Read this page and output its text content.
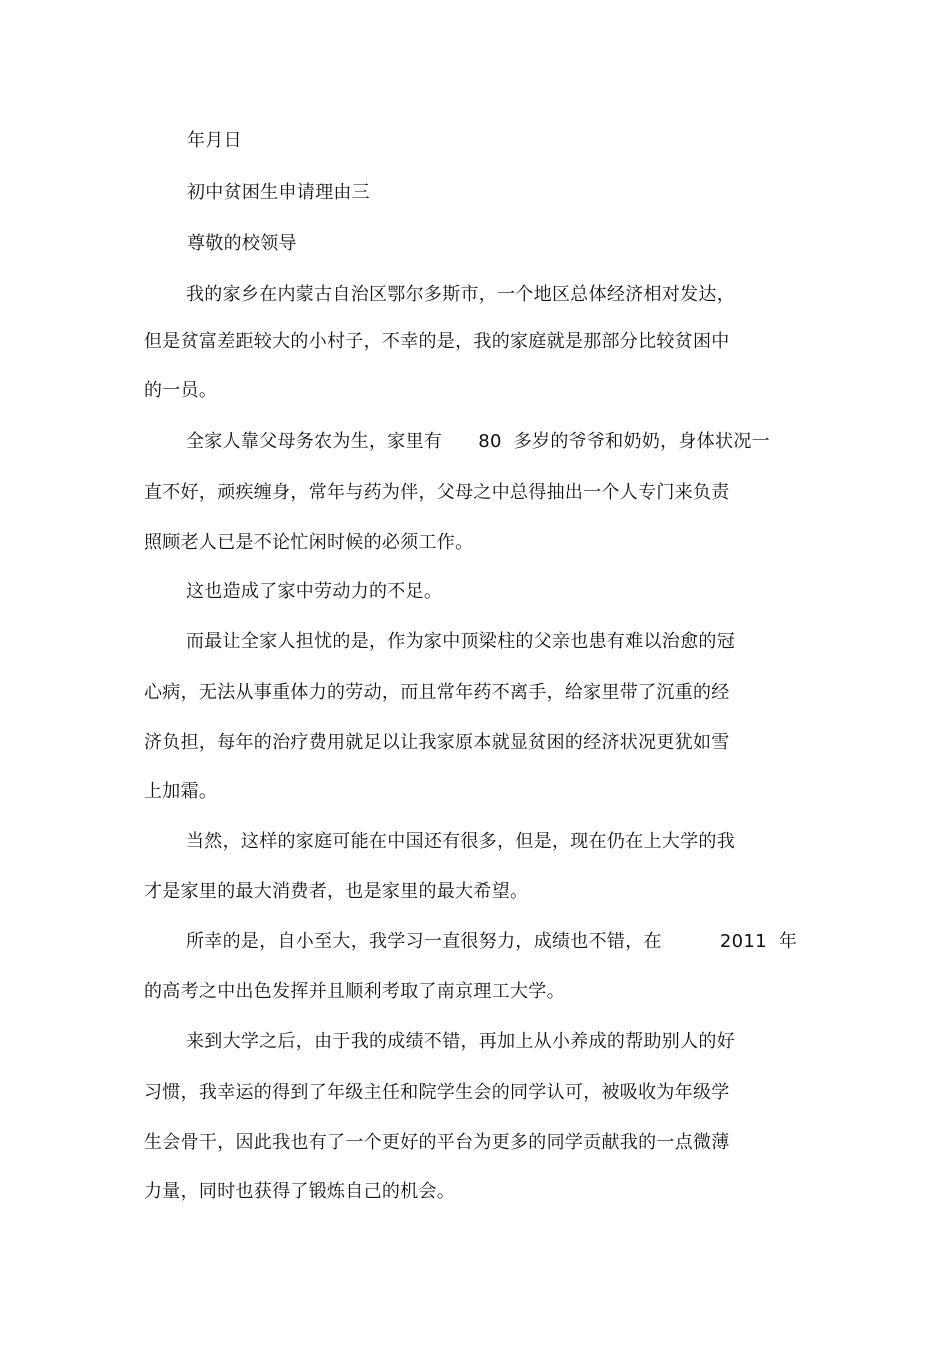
年月日
初中贫困生申请理由三
尊敬的校领导
我的家乡在内蒙古自治区鄂尔多斯市，一个地区总体经济相对发达，
但是贫富差距较大的小村子，不幸的是，我的家庭就是那部分比较贫困中
的一员。
全家人靠父母务农为生，家里有 80 多岁的爷爷和奶奶，身体状况一
直不好，顽疾缠身，常年与药为伴，父母之中总得抽出一个人专门来负责
照顾老人已是不论忙闲时候的必须工作。
这也造成了家中劳动力的不足。
而最让全家人担忧的是，作为家中顶梁柱的父亲也患有难以治愈的冠
心病，无法从事重体力的劳动，而且常年药不离手，给家里带了沉重的经
济负担，每年的治疗费用就足以让我家原本就显贫困的经济状况更犹如雪
上加霜。
当然，这样的家庭可能在中国还有很多，但是，现在仍在上大学的我
才是家里的最大消费者，也是家里的最大希望。
所幸的是，自小至大，我学习一直很努力，成绩也不错，在	2011 年
的高考之中出色发挥并且顺利考取了南京理工大学。
来到大学之后，由于我的成绩不错，再加上从小养成的帮助别人的好
习惯，我幸运的得到了年级主任和院学生会的同学认可，被吸收为年级学
生会骨干，因此我也有了一个更好的平台为更多的同学贡献我的一点微薄
力量，同时也获得了锻炼自己的机会。
